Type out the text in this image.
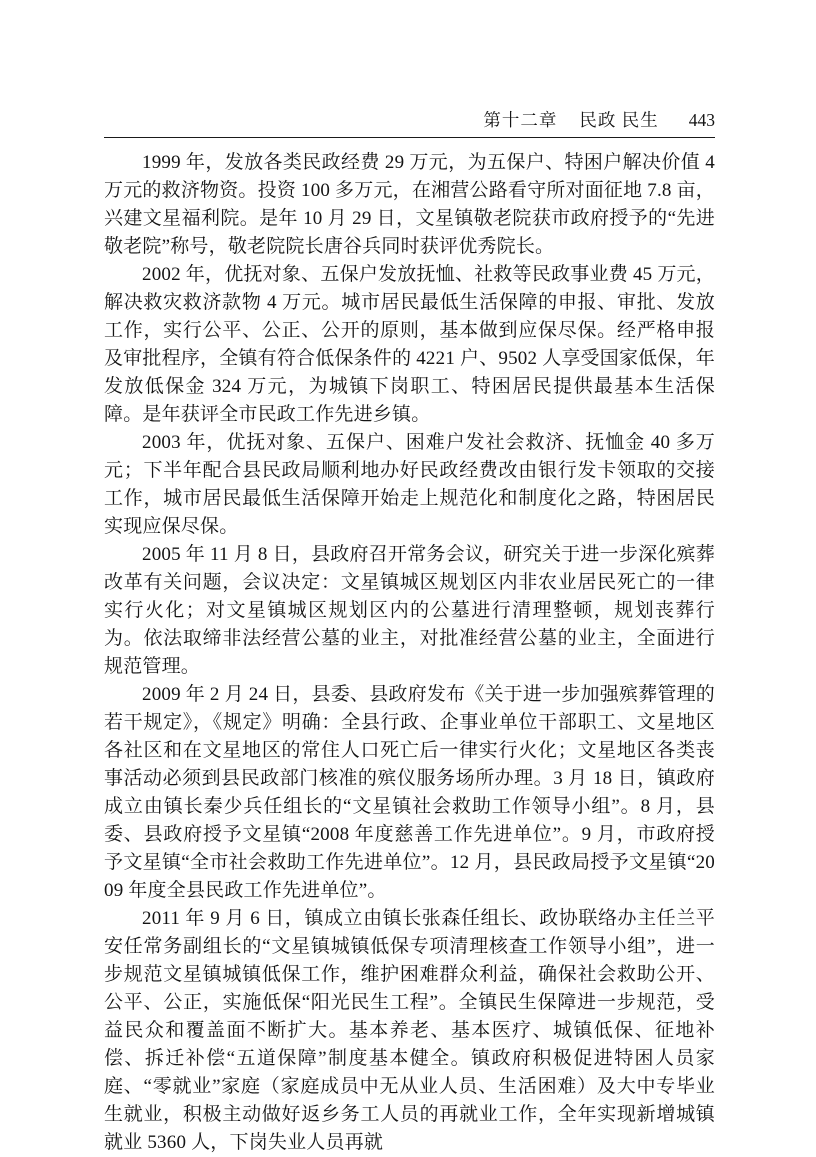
第十二章 民政 民生 443

1999 年，发放各类民政经费 29 万元，为五保户、特困户解决价值 4 万元的救济物资。投资 100 多万元，在湘营公路看守所对面征地 7.8 亩，兴建文星福利院。是年 10 月 29 日，文星镇敬老院获市政府授予的“先进敬老院”称号，敬老院院长唐谷兵同时获评优秀院长。

2002 年，优抚对象、五保户发放抚恤、社救等民政事业费 45 万元，解决救灾救济款物 4 万元。城市居民最低生活保障的申报、审批、发放工作，实行公平、公正、公开的原则，基本做到应保尽保。经严格申报及审批程序，全镇有符合低保条件的 4221 户、9502 人享受国家低保，年发放低保金 324 万元，为城镇下岗职工、特困居民提供最基本生活保障。是年获评全市民政工作先进乡镇。

2003 年，优抚对象、五保户、困难户发社会救济、抚恤金 40 多万元；下半年配合县民政局顺利地办好民政经费改由银行发卡领取的交接工作，城市居民最低生活保障开始走上规范化和制度化之路，特困居民实现应保尽保。

2005 年 11 月 8 日，县政府召开常务会议，研究关于进一步深化殡葬改革有关问题，会议决定：文星镇城区规划区内非农业居民死亡的一律实行火化；对文星镇城区规划区内的公墓进行清理整顿，规划丧葬行为。依法取缔非法经营公墓的业主，对批准经营公墓的业主，全面进行规范管理。

2009 年 2 月 24 日，县委、县政府发布《关于进一步加强殡葬管理的若干规定》，《规定》明确：全县行政、企事业单位干部职工、文星地区各社区和在文星地区的常住人口死亡后一律实行火化；文星地区各类丧事活动必须到县民政部门核准的殡仪服务场所办理。3 月 18 日，镇政府成立由镇长秦少兵任组长的“文星镇社会救助工作领导小组”。8 月，县委、县政府授予文星镇“2008 年度慈善工作先进单位”。9 月，市政府授予文星镇“全市社会救助工作先进单位”。12 月，县民政局授予文星镇“2009 年度全县民政工作先进单位”。

2011 年 9 月 6 日，镇成立由镇长张森任组长、政协联络办主任兰平安任常务副组长的“文星镇城镇低保专项清理核查工作领导小组”，进一步规范文星镇城镇低保工作，维护困难群众利益，确保社会救助公开、公平、公正，实施低保“阳光民生工程”。全镇民生保障进一步规范，受益民众和覆盖面不断扩大。基本养老、基本医疗、城镇低保、征地补偿、拆迁补偿“五道保障”制度基本健全。镇政府积极促进特困人员家庭、“零就业”家庭（家庭成员中无从业人员、生活困难）及大中专毕业生就业，积极主动做好返乡务工人员的再就业工作，全年实现新增城镇就业 5360 人，下岗失业人员再就
